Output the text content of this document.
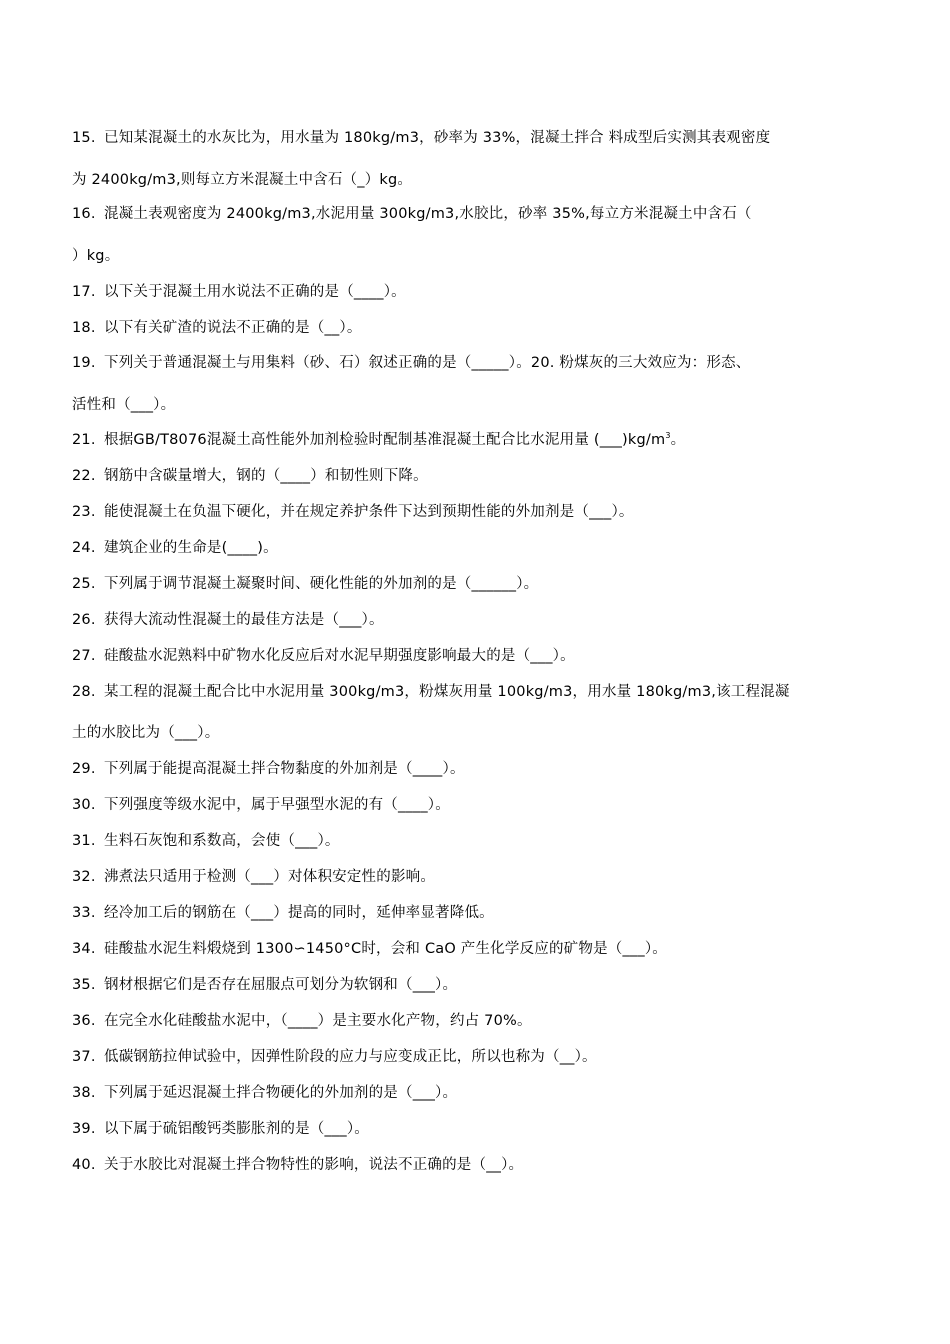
15. 已知某混凝土的水灰比为，用水量为 180kg/m3，砂率为 33%，混凝土拌合 料成型后实测其表观密度
为 2400kg/m3,则每立方米混凝土中含石（_）kg。
16. 混凝土表观密度为 2400kg/m3,水泥用量 300kg/m3,水胶比，砂率 35%,每立方米混凝土中含石（
）kg。
17. 以下关于混凝土用水说法不正确的是（____）。
18. 以下有关矿渣的说法不正确的是（__）。
19. 下列关于普通混凝土与用集料（砂、石）叙述正确的是（_____）。20. 粉煤灰的三大效应为：形态、
活性和（___）。
21. 根据GB/T8076混凝土高性能外加剂检验时配制基准混凝土配合比水泥用量 $(\_\_\_)kg/m^3$。
22. 钢筋中含碳量增大，钢的（____）和韧性则下降。
23. 能使混凝土在负温下硬化，并在规定养护条件下达到预期性能的外加剂是（___）。
24. 建筑企业的生命是(____)。
25. 下列属于调节混凝土凝聚时间、硬化性能的外加剂的是（______）。
26. 获得大流动性混凝土的最佳方法是（___）。
27. 硅酸盐水泥熟料中矿物水化反应后对水泥早期强度影响最大的是（___）。
28. 某工程的混凝土配合比中水泥用量 300kg/m3，粉煤灰用量 100kg/m3，用水量 180kg/m3,该工程混凝
土的水胶比为（___）。
29. 下列属于能提高混凝土拌合物黏度的外加剂是（____）。
30. 下列强度等级水泥中，属于早强型水泥的有（____）。
31. 生料石灰饱和系数高，会使（___）。
32. 沸煮法只适用于检测（___）对体积安定性的影响。
33. 经冷加工后的钢筋在（___）提高的同时，延伸率显著降低。
34. 硅酸盐水泥生料煅烧到 1300∽1450°C时，会和 CaO 产生化学反应的矿物是（___）。
35. 钢材根据它们是否存在屈服点可划分为软钢和（___）。
36. 在完全水化硅酸盐水泥中，（____）是主要水化产物，约占 70%。
37. 低碳钢筋拉伸试验中，因弹性阶段的应力与应变成正比，所以也称为（__）。
38. 下列属于延迟混凝土拌合物硬化的外加剂的是（___）。
39. 以下属于硫铝酸钙类膨胀剂的是（___）。
40. 关于水胶比对混凝土拌合物特性的影响，说法不正确的是（__）。
